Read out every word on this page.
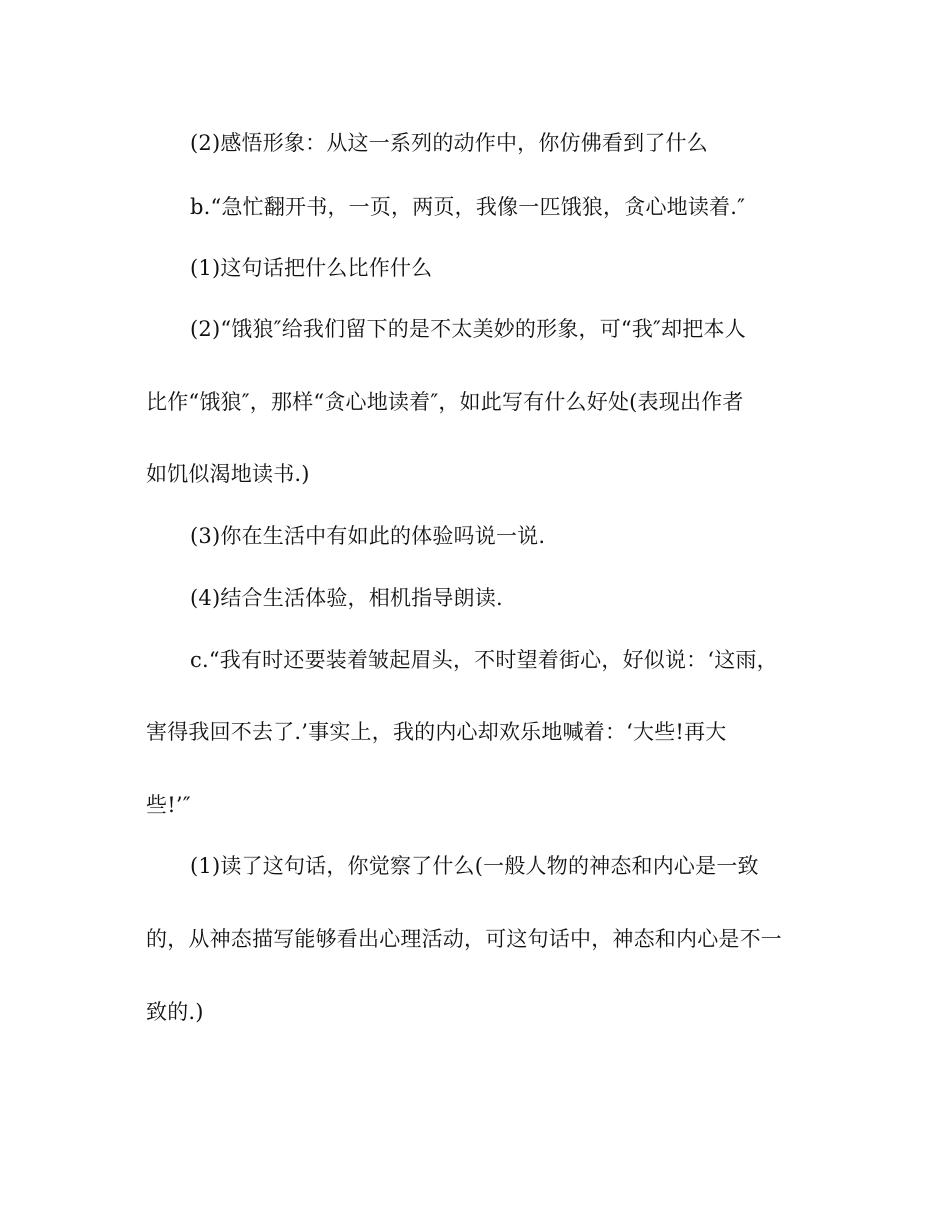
(2)感悟形象：从这一系列的动作中，你仿佛看到了什么
b.“急忙翻开书，一页，两页，我像一匹饿狼，贪心地读着.″
(1)这句话把什么比作什么
(2)“饿狼″给我们留下的是不太美妙的形象，可“我″却把本人
比作“饿狼″，那样“贪心地读着″，如此写有什么好处(表现出作者
如饥似渴地读书.)
(3)你在生活中有如此的体验吗说一说.
(4)结合生活体验，相机指导朗读.
c.“我有时还要装着皱起眉头，不时望着街心，好似说：‘这雨，
害得我回不去了.’事实上，我的内心却欢乐地喊着：‘大些!再大
些!’″
(1)读了这句话，你觉察了什么(一般人物的神态和内心是一致
的，从神态描写能够看出心理活动，可这句话中，神态和内心是不一
致的.)
